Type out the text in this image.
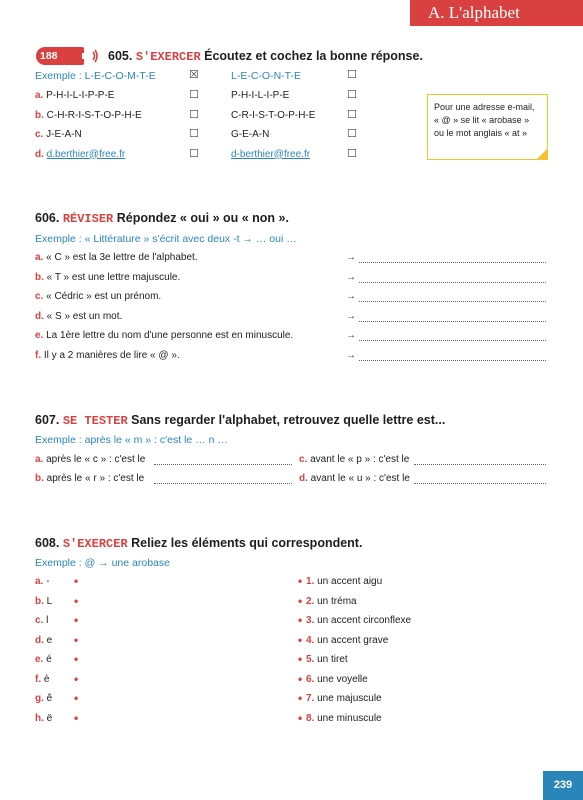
A. L'alphabet
188	605. S'EXERCER Écoutez et cochez la bonne réponse.
Exemple : L-E-C-O-M-T-E	☒	L-E-C-O-N-T-E	☐
a. P-H-I-L-I-P-P-E	☐	P-H-I-L-I-P-E	☐
b. C-H-R-I-S-T-O-P-H-E	☐	C-R-I-S-T-O-P-H-E	☐
c. J-E-A-N	☐	G-E-A-N	☐
d. d.berthier@free.fr	☐	d-berthier@free.fr	☐
Pour une adresse e-mail, « @ » se lit « arobase » ou le mot anglais « at »
606. RÉVISER Répondez « oui » ou « non ».
Exemple : « Littérature » s'écrit avec deux -t → … oui …
a. « C » est la 3e lettre de l'alphabet.	→
b. « T » est une lettre majuscule.	→
c. « Cédric » est un prénom.	→
d. « S » est un mot.	→
e. La 1ère lettre du nom d'une personne est en minuscule.	→
f. Il y a 2 manières de lire « @ ».	→
607. SE TESTER Sans regarder l'alphabet, retrouvez quelle lettre est...
Exemple : après le « m » : c'est le … n …
a. après le « c » : c'est le
b. après le « r » : c'est le
c. avant le « p » : c'est le
d. avant le « u » : c'est le
608. S'EXERCER Reliez les éléments qui correspondent.
Exemple : @ → une arobase
a. - •	• 1. un accent aigu
b. L •	• 2. un tréma
c. l •	• 3. un accent circonflexe
d. e •	• 4. un accent grave
e. é •	• 5. un tiret
f. è •	• 6. une voyelle
g. ê •	• 7. une majuscule
h. ë •	• 8. une minuscule
239
